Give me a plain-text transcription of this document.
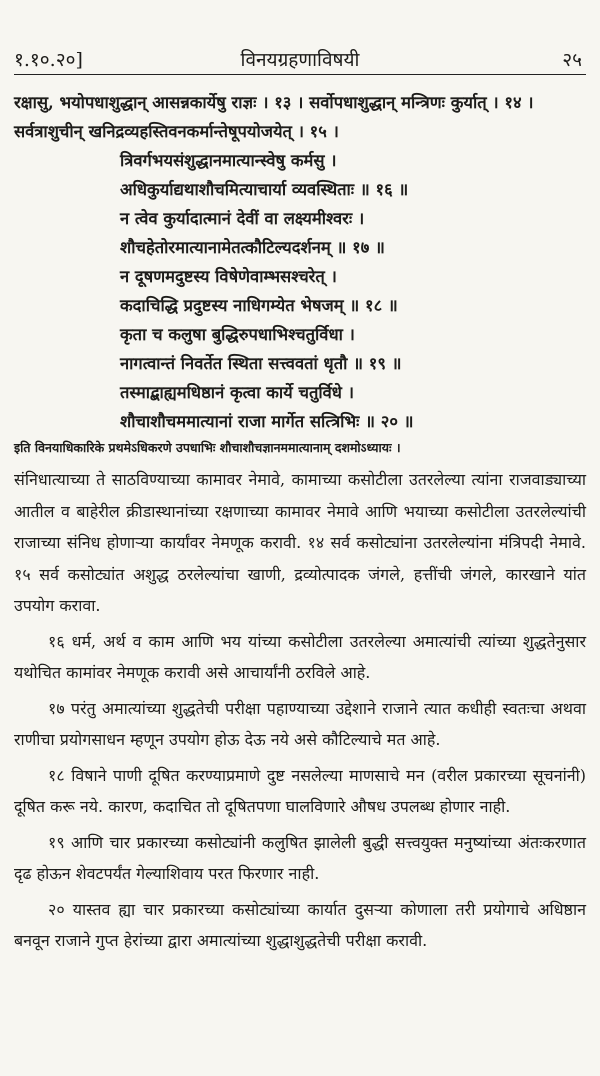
१.१०.२०]	विनयग्रहणाविषयी	२५

रक्षासु, भयोपधाशुद्धान् आसन्नकार्येषु राज्ञः । १३ । सर्वोपधाशुद्धान् मन्त्रिणः कुर्यात् । १४ । सर्वत्राशुचीन् खनिद्रव्यहस्तिवनकर्मान्तेषूपयोजयेत् । १५ ।

त्रिवर्गभयसंशुद्धानमात्यान्स्वेषु कर्मसु ।

अधिकुर्याद्यथाशौचमित्याचार्या व्यवस्थिताः ॥ १६ ॥

न त्वेव कुर्यादात्मानं देवीं वा लक्ष्यमीश्वरः ।

शौचहेतोरमात्यानामेतत्कौटिल्यदर्शनम् ॥ १७ ॥

न दूषणमदुष्टस्य विषेणेवाम्भसश्चरेत् ।

कदाचिद्धि प्रदुष्टस्य नाधिगम्येत भेषजम् ॥ १८ ॥

कृता च कलुषा बुद्धिरुपधाभिश्चतुर्विधा ।

नागत्वान्तं निवर्तेत स्थिता सत्त्ववतां धृतौ ॥ १९ ॥

तस्माद्बाह्यमधिष्ठानं कृत्वा कार्ये चतुर्विधे ।

शौचाशौचममात्यानां राजा मार्गेत सत्त्रिभिः ॥ २० ॥

इति विनयाधिकारिके प्रथमेऽधिकरणे उपधाभिः शौचाशौचज्ञानममात्यानाम् दशमोऽध्यायः ।

संनिधात्याच्या ते साठविण्याच्या कामावर नेमावे, कामाच्या कसोटीला उतरलेल्या त्यांना राजवाड्याच्या आतील व बाहेरील क्रीडास्थानांच्या रक्षणाच्या कामावर नेमावे आणि भयाच्या कसोटीला उतरलेल्यांची राजाच्या संनिध होणाऱ्या कार्यांवर नेमणूक करावी. १४ सर्व कसोट्यांना उतरलेल्यांना मंत्रिपदी नेमावे. १५ सर्व कसोट्यांत अशुद्ध ठरलेल्यांचा खाणी, द्रव्योत्पादक जंगले, हत्तींची जंगले, कारखाने यांत उपयोग करावा.

१६ धर्म, अर्थ व काम आणि भय यांच्या कसोटीला उतरलेल्या अमात्यांची त्यांच्या शुद्धतेनुसार यथोचित कामांवर नेमणूक करावी असे आचार्यांनी ठरविले आहे.

१७ परंतु अमात्यांच्या शुद्धतेची परीक्षा पहाण्याच्या उद्देशाने राजाने त्यात कधीही स्वतःचा अथवा राणीचा प्रयोगसाधन म्हणून उपयोग होऊ देऊ नये असे कौटिल्याचे मत आहे.

१८ विषाने पाणी दूषित करण्याप्रमाणे दुष्ट नसलेल्या माणसाचे मन (वरील प्रकारच्या सूचनांनी) दूषित करू नये. कारण, कदाचित तो दूषितपणा घालविणारे औषध उपलब्ध होणार नाही.

१९ आणि चार प्रकारच्या कसोट्यांनी कलुषित झालेली बुद्धी सत्त्वयुक्त मनुष्यांच्या अंतःकरणात दृढ होऊन शेवटपर्यंत गेल्याशिवाय परत फिरणार नाही.

२० यास्तव ह्या चार प्रकारच्या कसोट्यांच्या कार्यात दुसऱ्या कोणाला तरी प्रयोगाचे अधिष्ठान बनवून राजाने गुप्त हेरांच्या द्वारा अमात्यांच्या शुद्धाशुद्धतेची परीक्षा करावी.
